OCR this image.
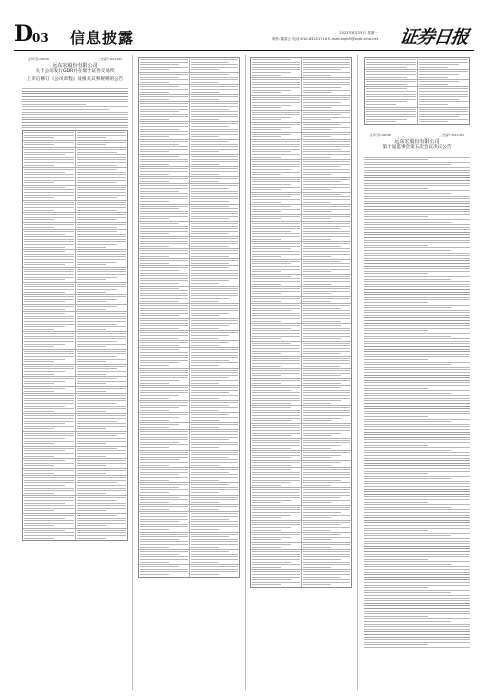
D
03 信息披露	2022年8月25日 星期一
制作:董春云 电话:010-83251716 E-mail:zqrb9@zqrb.sina.net 证券日报
证券代码:000000	公告编号:2022-000
远东宏股份有限公司
关于公司发行GDR并在瑞士证券交易所
上市后修订《公司章程》及相关议事规则的公告
证券代码:000000	公告编号:2022-000
远东宏股份有限公司
第十届监事会第五次会议决议公告
